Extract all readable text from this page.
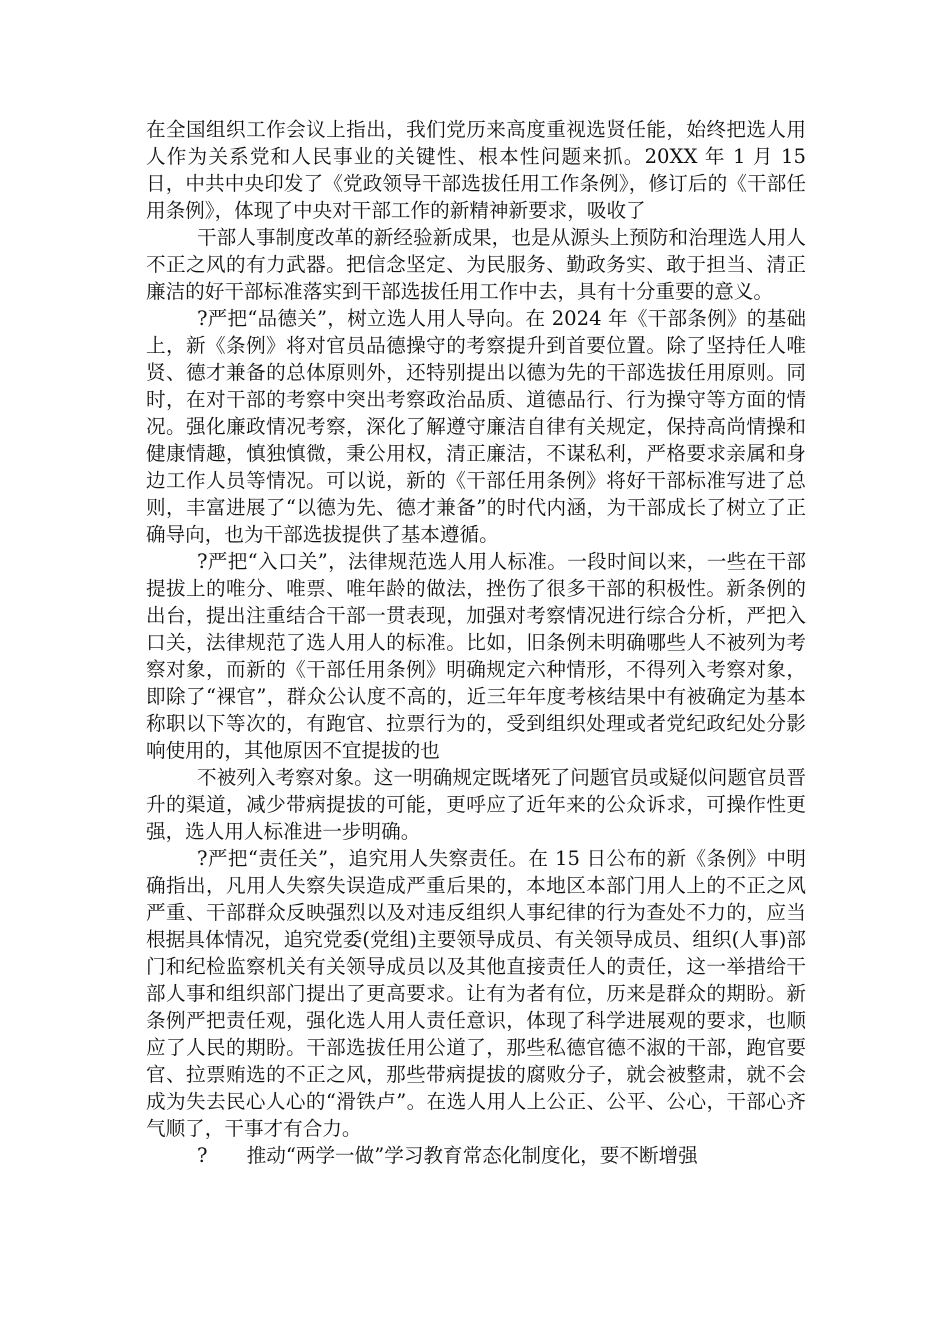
在全国组织工作会议上指出，我们党历来高度重视选贤任能，始终把选人用人作为关系党和人民事业的关键性、根本性问题来抓。20XX 年 1 月 15 日，中共中央印发了《党政领导干部选拔任用工作条例》，修订后的《干部任用条例》，体现了中央对干部工作的新精神新要求，吸收了

干部人事制度改革的新经验新成果，也是从源头上预防和治理选人用人不正之风的有力武器。把信念坚定、为民服务、勤政务实、敢于担当、清正廉洁的好干部标准落实到干部选拔任用工作中去，具有十分重要的意义。

?严把“品德关”，树立选人用人导向。在 2024 年《干部条例》的基础上，新《条例》将对官员品德操守的考察提升到首要位置。除了坚持任人唯贤、德才兼备的总体原则外，还特别提出以德为先的干部选拔任用原则。同时，在对干部的考察中突出考察政治品质、道德品行、行为操守等方面的情况。强化廉政情况考察，深化了解遵守廉洁自律有关规定，保持高尚情操和健康情趣，慎独慎微，秉公用权，清正廉洁，不谋私利，严格要求亲属和身边工作人员等情况。可以说，新的《干部任用条例》将好干部标准写进了总则，丰富进展了“以德为先、德才兼备”的时代内涵，为干部成长了树立了正确导向，也为干部选拔提供了基本遵循。

?严把“入口关”，法律规范选人用人标准。一段时间以来，一些在干部提拔上的唯分、唯票、唯年龄的做法，挫伤了很多干部的积极性。新条例的出台，提出注重结合干部一贯表现，加强对考察情况进行综合分析，严把入口关，法律规范了选人用人的标准。比如，旧条例未明确哪些人不被列为考察对象，而新的《干部任用条例》明确规定六种情形，不得列入考察对象，即除了“裸官”，群众公认度不高的，近三年年度考核结果中有被确定为基本称职以下等次的，有跑官、拉票行为的，受到组织处理或者党纪政纪处分影响使用的，其他原因不宜提拔的也

不被列入考察对象。这一明确规定既堵死了问题官员或疑似问题官员晋升的渠道，减少带病提拔的可能，更呼应了近年来的公众诉求，可操作性更强，选人用人标准进一步明确。

?严把“责任关”，追究用人失察责任。在 15 日公布的新《条例》中明确指出，凡用人失察失误造成严重后果的，本地区本部门用人上的不正之风严重、干部群众反映强烈以及对违反组织人事纪律的行为查处不力的，应当根据具体情况，追究党委(党组)主要领导成员、有关领导成员、组织(人事)部门和纪检监察机关有关领导成员以及其他直接责任人的责任，这一举措给干部人事和组织部门提出了更高要求。让有为者有位，历来是群众的期盼。新条例严把责任观，强化选人用人责任意识，体现了科学进展观的要求，也顺应了人民的期盼。干部选拔任用公道了，那些私德官德不淑的干部，跑官要官、拉票贿选的不正之风，那些带病提拔的腐败分子，就会被整肃，就不会成为失去民心人心的“滑铁卢”。在选人用人上公正、公平、公心，干部心齐气顺了，干事才有合力。

?　　推动“两学一做”学习教育常态化制度化，要不断增强
